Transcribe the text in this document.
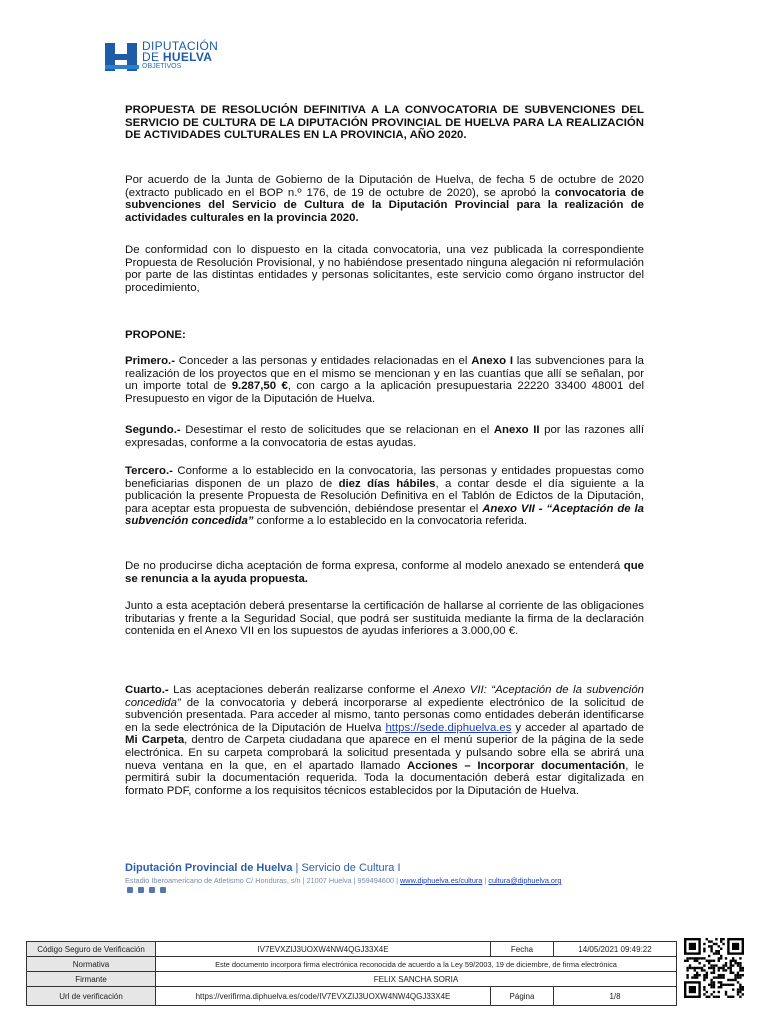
DIPUTACIÓN
DE HUELVA
OBJETIVOS
PROPUESTA DE RESOLUCIÓN DEFINITIVA A LA CONVOCATORIA DE SUBVENCIONES DEL SERVICIO DE CULTURA DE LA DIPUTACIÓN PROVINCIAL DE HUELVA PARA LA REALIZACIÓN DE ACTIVIDADES CULTURALES EN LA PROVINCIA, AÑO 2020.
Por acuerdo de la Junta de Gobierno de la Diputación de Huelva, de fecha 5 de octubre de 2020 (extracto publicado en el BOP n.º 176, de 19 de octubre de 2020), se aprobó la convocatoria de subvenciones del Servicio de Cultura de la Diputación Provincial para la realización de actividades culturales en la provincia 2020.
De conformidad con lo dispuesto en la citada convocatoria, una vez publicada la correspondiente Propuesta de Resolución Provisional, y no habiéndose presentado ninguna alegación ni reformulación por parte de las distintas entidades y personas solicitantes, este servicio como órgano instructor del procedimiento,
PROPONE:
Primero.- Conceder a las personas y entidades relacionadas en el Anexo I las subvenciones para la realización de los proyectos que en el mismo se mencionan y en las cuantías que allí se señalan, por un importe total de 9.287,50 €, con cargo a la aplicación presupuestaria 22220 33400 48001 del Presupuesto en vigor de la Diputación de Huelva.
Segundo.- Desestimar el resto de solicitudes que se relacionan en el Anexo II por las razones allí expresadas, conforme a la convocatoria de estas ayudas.
Tercero.- Conforme a lo establecido en la convocatoria, las personas y entidades propuestas como beneficiarias disponen de un plazo de diez días hábiles, a contar desde el día siguiente a la publicación la presente Propuesta de Resolución Definitiva en el Tablón de Edictos de la Diputación, para aceptar esta propuesta de subvención, debiéndose presentar el Anexo VII - “Aceptación de la subvención concedida” conforme a lo establecido en la convocatoria referida.
De no producirse dicha aceptación de forma expresa, conforme al modelo anexado se entenderá que se renuncia a la ayuda propuesta.
Junto a esta aceptación deberá presentarse la certificación de hallarse al corriente de las obligaciones tributarias y frente a la Seguridad Social, que podrá ser sustituida mediante la firma de la declaración contenida en el Anexo VII en los supuestos de ayudas inferiores a 3.000,00 €.
Cuarto.- Las aceptaciones deberán realizarse conforme el Anexo VII: “Aceptación de la subvención concedida” de la convocatoria y deberá incorporarse al expediente electrónico de la solicitud de subvención presentada. Para acceder al mismo, tanto personas como entidades deberán identificarse en la sede electrónica de la Diputación de Huelva https://sede.diphuelva.es y acceder al apartado de Mi Carpeta, dentro de Carpeta ciudadana que aparece en el menú superior de la página de la sede electrónica. En su carpeta comprobará la solicitud presentada y pulsando sobre ella se abrirá una nueva ventana en la que, en el apartado llamado Acciones – Incorporar documentación, le permitirá subir la documentación requerida. Toda la documentación deberá estar digitalizada en formato PDF, conforme a los requisitos técnicos establecidos por la Diputación de Huelva.
Diputación Provincial de Huelva | Servicio de Cultura I
Estadio Iberoamericano de Atletismo C/ Honduras, s/n | 21007 Huelva | 959494600 | www.diphuelva.es/cultura | cultura@diphuelva.org
Código Seguro de Verificación	IV7EVXZIJ3UOXW4NW4QGJ33X4E	Fecha	14/05/2021 09:49:22
Normativa	Este documento incorpora firma electrónica reconocida de acuerdo a la Ley 59/2003, 19 de diciembre, de firma electrónica		
Firmante	FELIX SANCHA SORIA		
Url de verificación	https://verifirma.diphuelva.es/code/IV7EVXZIJ3UOXW4NW4QGJ33X4E	Página	1/8
